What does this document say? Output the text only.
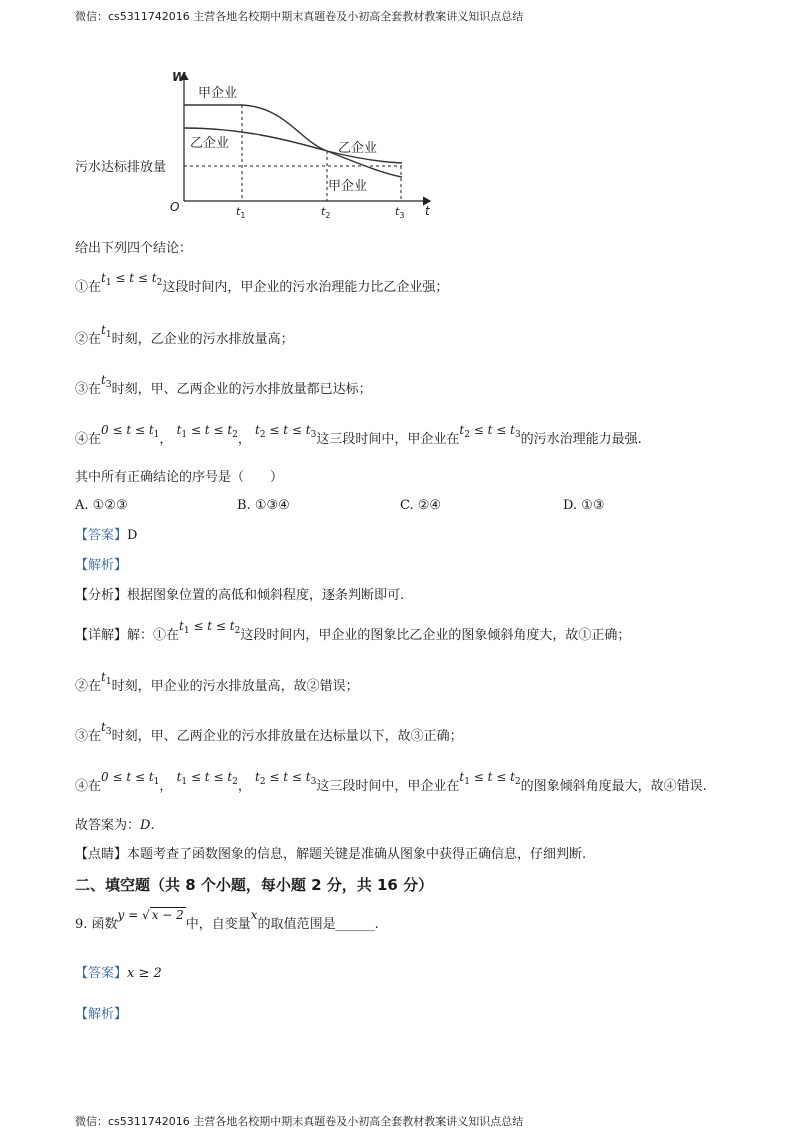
微信：cs5311742016 主营各地名校期中期末真题卷及小初高全套教材教案讲义知识点总结
W
O	t
甲企业
乙企业	乙企业
甲企业
污水达标排放量
$t_1$	$t_2$	$t_3$
给出下列四个结论：
①在$t_1 \le t \le t_2$这段时间内，甲企业的污水治理能力比乙企业强；
②在$t_1$时刻，乙企业的污水排放量高；
③在$t_3$时刻，甲、乙两企业的污水排放量都已达标；
④在$0 \le t \le t_1$， $t_1 \le t \le t_2$， $t_2 \le t \le t_3$这三段时间中，甲企业在$t_2 \le t \le t_3$的污水治理能力最强.
其中所有正确结论的序号是（　　）
A. ①②③	B. ①③④	C. ②④	D. ①③
【答案】D
【解析】
【分析】根据图象位置的高低和倾斜程度，逐条判断即可.
【详解】解：①在$t_1 \le t \le t_2$这段时间内，甲企业的图象比乙企业的图象倾斜角度大，故①正确；
②在$t_1$时刻，甲企业的污水排放量高，故②错误；
③在$t_3$时刻，甲、乙两企业的污水排放量在达标量以下，故③正确；
④在$0 \le t \le t_1$， $t_1 \le t \le t_2$， $t_2 \le t \le t_3$这三段时间中，甲企业在$t_1 \le t \le t_2$的图象倾斜角度最大，故④错误.
故答案为：D.
【点睛】本题考查了函数图象的信息，解题关键是准确从图象中获得正确信息，仔细判断.
二、填空题（共 8 个小题，每小题 2 分，共 16 分）
9. 函数y = √ x − 2中，自变量x的取值范围是______.
【答案】x ≥ 2
【解析】
微信：cs5311742016 主营各地名校期中期末真题卷及小初高全套教材教案讲义知识点总结
